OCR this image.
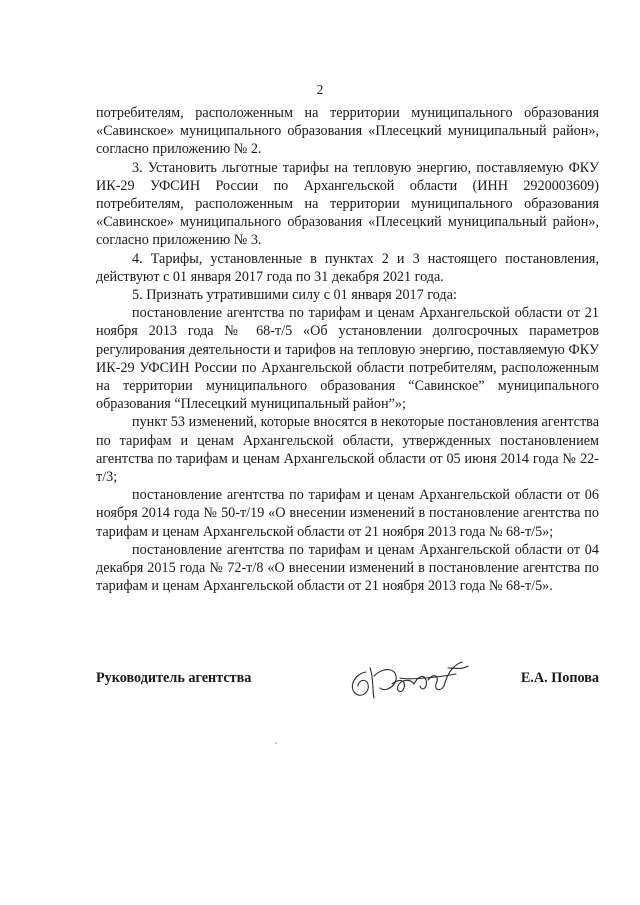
2

потребителям, расположенным на территории муниципального образования «Савинское» муниципального образования «Плесецкий муниципальный район», согласно приложению № 2.

3. Установить льготные тарифы на тепловую энергию, поставляемую ФКУ ИК-29 УФСИН России по Архангельской области (ИНН 2920003609) потребителям, расположенным на территории муниципального образования «Савинское» муниципального образования «Плесецкий муниципальный район», согласно приложению № 3.

4. Тарифы, установленные в пунктах 2 и 3 настоящего постановления, действуют с 01 января 2017 года по 31 декабря 2021 года.

5. Признать утратившими силу с 01 января 2017 года:

постановление агентства по тарифам и ценам Архангельской области от 21 ноября 2013 года № 68-т/5 «Об установлении долгосрочных параметров регулирования деятельности и тарифов на тепловую энергию, поставляемую ФКУ ИК-29 УФСИН России по Архангельской области потребителям, расположенным на территории муниципального образования “Савинское” муниципального образования “Плесецкий муниципальный район”»;

пункт 53 изменений, которые вносятся в некоторые постановления агентства по тарифам и ценам Архангельской области, утвержденных постановлением агентства по тарифам и ценам Архангельской области от 05 июня 2014 года № 22-т/3;

постановление агентства по тарифам и ценам Архангельской области от 06 ноября 2014 года № 50-т/19 «О внесении изменений в постановление агентства по тарифам и ценам Архангельской области от 21 ноября 2013 года № 68-т/5»;

постановление агентства по тарифам и ценам Архангельской области от 04 декабря 2015 года № 72-т/8 «О внесении изменений в постановление агентства по тарифам и ценам Архангельской области от 21 ноября 2013 года № 68-т/5».

Руководитель агентства	Е.А. Попова
